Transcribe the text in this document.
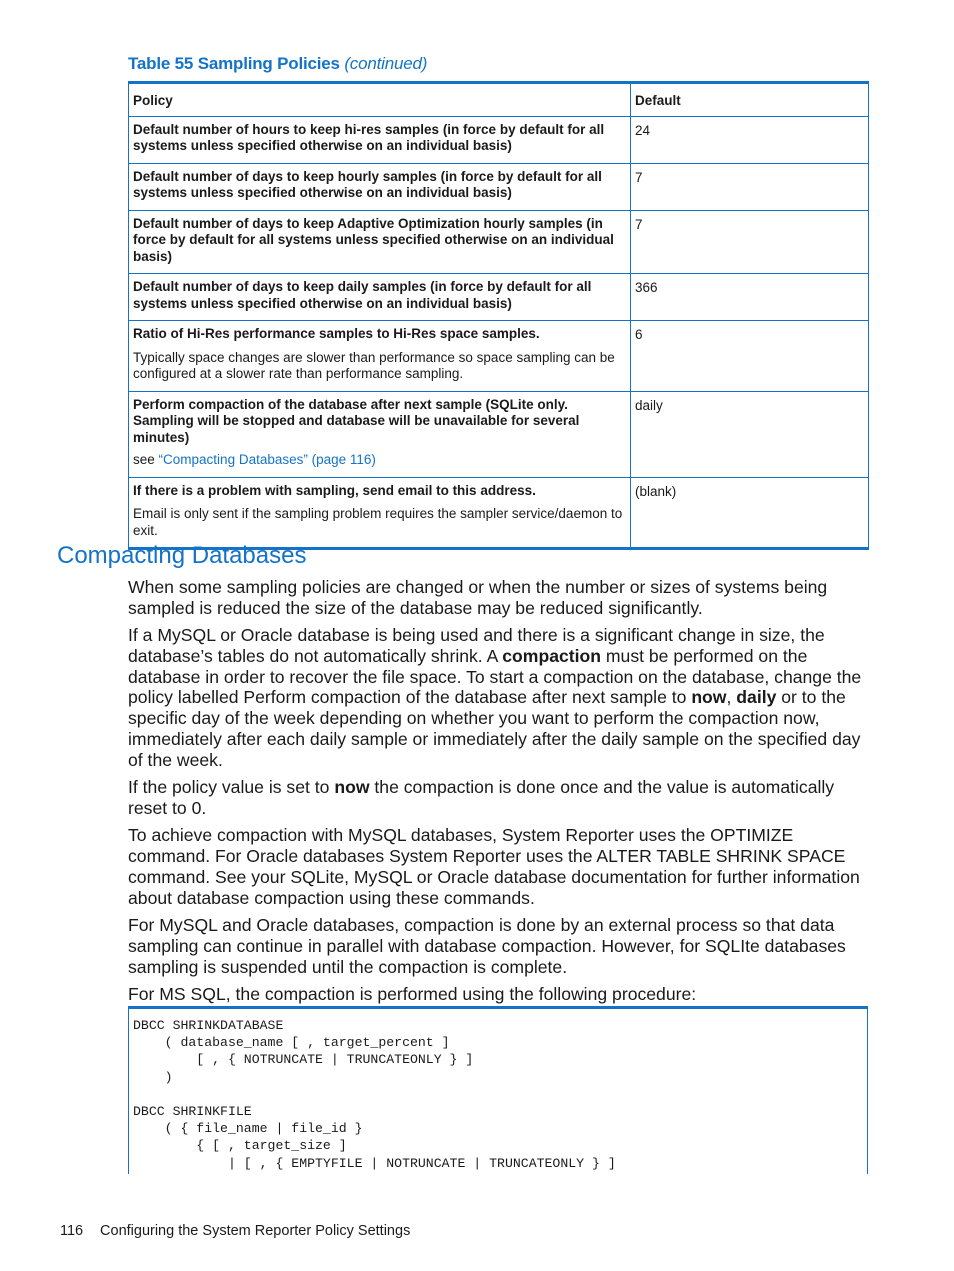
Table 55 Sampling Policies (continued)
Policy	Default
Default number of hours to keep hi-res samples (in force by default for all systems unless specified otherwise on an individual basis)	24
Default number of days to keep hourly samples (in force by default for all systems unless specified otherwise on an individual basis)	7
Default number of days to keep Adaptive Optimization hourly samples (in force by default for all systems unless specified otherwise on an individual basis)	7
Default number of days to keep daily samples (in force by default for all systems unless specified otherwise on an individual basis)	366

Ratio of Hi-Res performance samples to Hi-Res space samples.
Typically space changes are slower than performance so space sampling can be configured at a slower rate than performance sampling.	6

Perform compaction of the database after next sample (SQLite only. Sampling will be stopped and database will be unavailable for several minutes)
see “Compacting Databases” (page 116)	daily

If there is a problem with sampling, send email to this address.
Email is only sent if the sampling problem requires the sampler service/daemon to exit.	(blank)
Compacting Databases

When some sampling policies are changed or when the number or sizes of systems being sampled is reduced the size of the database may be reduced significantly.

If a MySQL or Oracle database is being used and there is a significant change in size, the database’s tables do not automatically shrink. A compaction must be performed on the database in order to recover the file space. To start a compaction on the database, change the policy labelled Perform compaction of the database after next sample to now, daily or to the specific day of the week depending on whether you want to perform the compaction now, immediately after each daily sample or immediately after the daily sample on the specified day of the week.

If the policy value is set to now the compaction is done once and the value is automatically reset to 0.

To achieve compaction with MySQL databases, System Reporter uses the OPTIMIZE command. For Oracle databases System Reporter uses the ALTER TABLE SHRINK SPACE command. See your SQLite, MySQL or Oracle database documentation for further information about database compaction using these commands.

For MySQL and Oracle databases, compaction is done by an external process so that data sampling can continue in parallel with database compaction. However, for SQLIte databases sampling is suspended until the compaction is complete.

For MS SQL, the compaction is performed using the following procedure:

DBCC SHRINKDATABASE
( database_name [ , target_percent ]
[ , { NOTRUNCATE | TRUNCATEONLY } ]
)

DBCC SHRINKFILE
( { file_name | file_id }
{ [ , target_size ]
| [ , { EMPTYFILE | NOTRUNCATE | TRUNCATEONLY } ]
116 Configuring the System Reporter Policy Settings
